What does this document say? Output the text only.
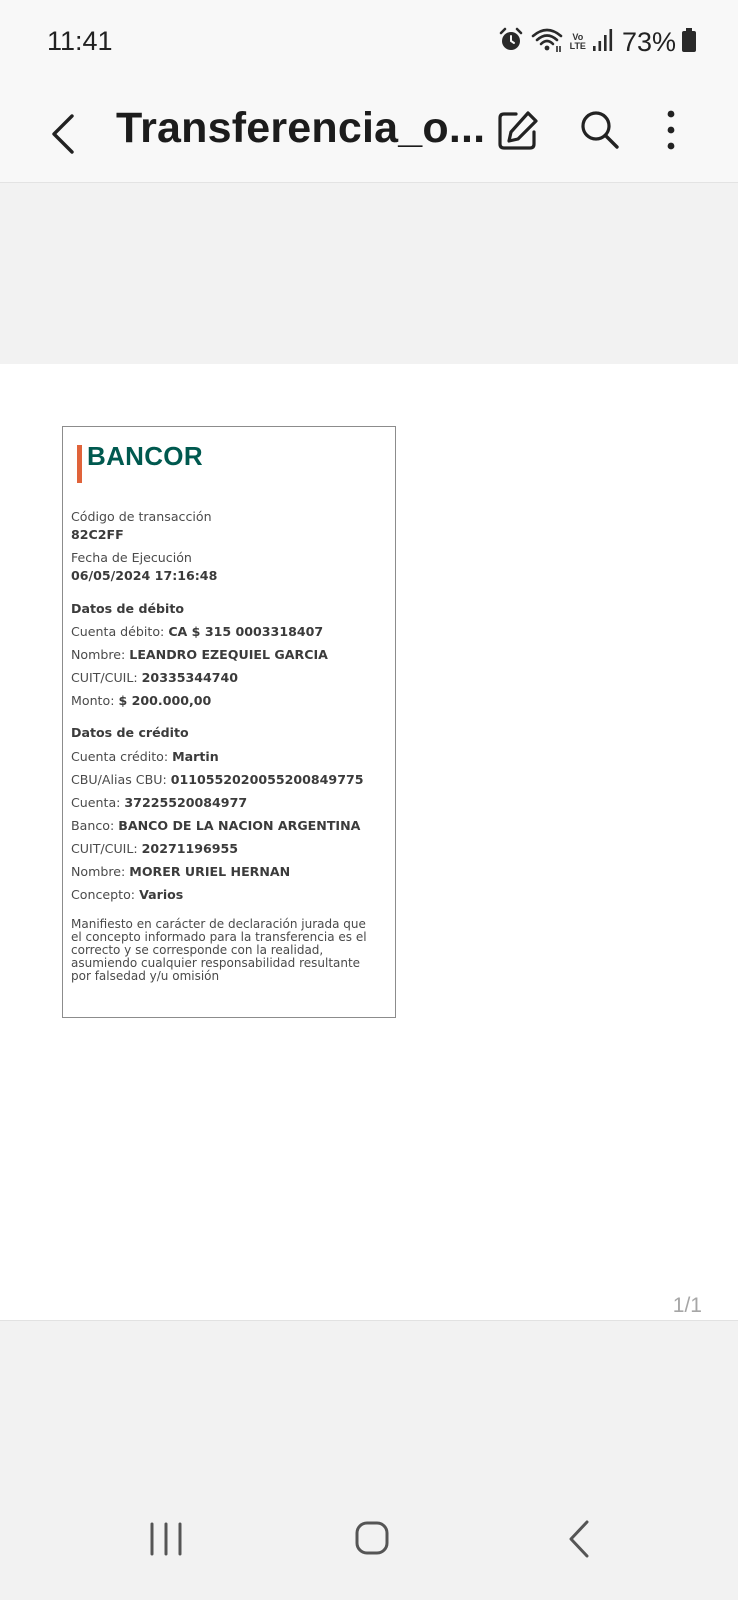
11:41	Vo
LTE 73%
Transferencia_o...
BANCOR
Código de transacción
82C2FF
Fecha de Ejecución
06/05/2024 17:16:48
Datos de débito
Cuenta débito: CA $ 315 0003318407
Nombre: LEANDRO EZEQUIEL GARCIA
CUIT/CUIL: 20335344740
Monto: $ 200.000,00
Datos de crédito
Cuenta crédito: Martin
CBU/Alias CBU: 0110552020055200849775
Cuenta: 37225520084977
Banco: BANCO DE LA NACION ARGENTINA
CUIT/CUIL: 20271196955
Nombre: MORER URIEL HERNAN
Concepto: Varios
Manifiesto en carácter de declaración jurada que el concepto informado para la transferencia es el correcto y se corresponde con la realidad, asumiendo cualquier responsabilidad resultante por falsedad y/u omisión
1/1
